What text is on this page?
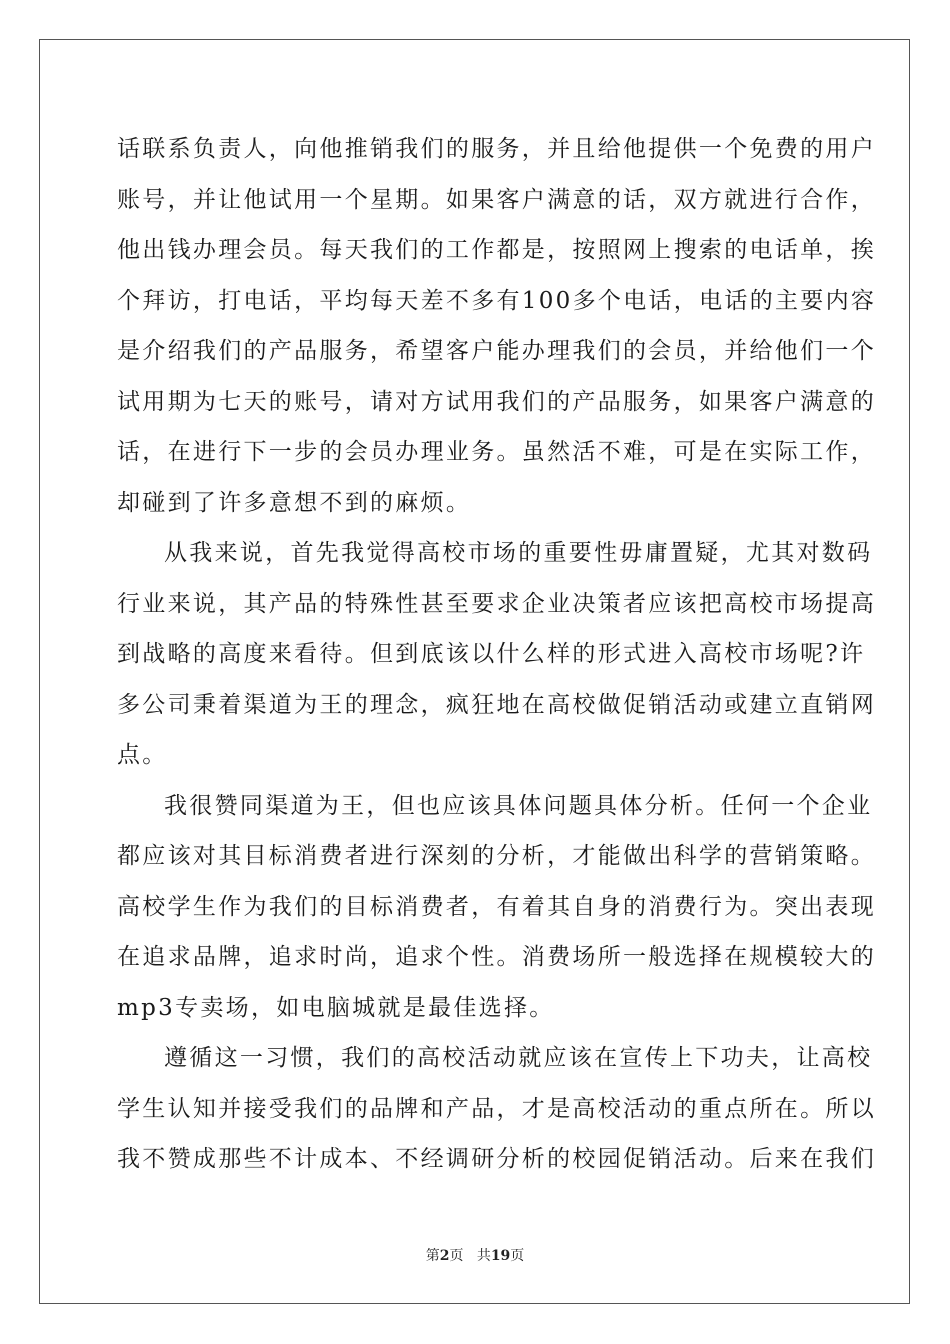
话联系负责人，向他推销我们的服务，并且给他提供一个免费的用户
账号，并让他试用一个星期。如果客户满意的话，双方就进行合作，
他出钱办理会员。每天我们的工作都是，按照网上搜索的电话单，挨
个拜访，打电话，平均每天差不多有100多个电话，电话的主要内容
是介绍我们的产品服务，希望客户能办理我们的会员，并给他们一个
试用期为七天的账号，请对方试用我们的产品服务，如果客户满意的
话，在进行下一步的会员办理业务。虽然活不难，可是在实际工作，
却碰到了许多意想不到的麻烦。
从我来说，首先我觉得高校市场的重要性毋庸置疑，尤其对数码
行业来说，其产品的特殊性甚至要求企业决策者应该把高校市场提高
到战略的高度来看待。但到底该以什么样的形式进入高校市场呢?许
多公司秉着渠道为王的理念，疯狂地在高校做促销活动或建立直销网
点。
我很赞同渠道为王，但也应该具体问题具体分析。任何一个企业
都应该对其目标消费者进行深刻的分析，才能做出科学的营销策略。
高校学生作为我们的目标消费者，有着其自身的消费行为。突出表现
在追求品牌，追求时尚，追求个性。消费场所一般选择在规模较大的
mp3专卖场，如电脑城就是最佳选择。
遵循这一习惯，我们的高校活动就应该在宣传上下功夫，让高校
学生认知并接受我们的品牌和产品，才是高校活动的重点所在。所以
我不赞成那些不计成本、不经调研分析的校园促销活动。后来在我们
第2页 共19页
